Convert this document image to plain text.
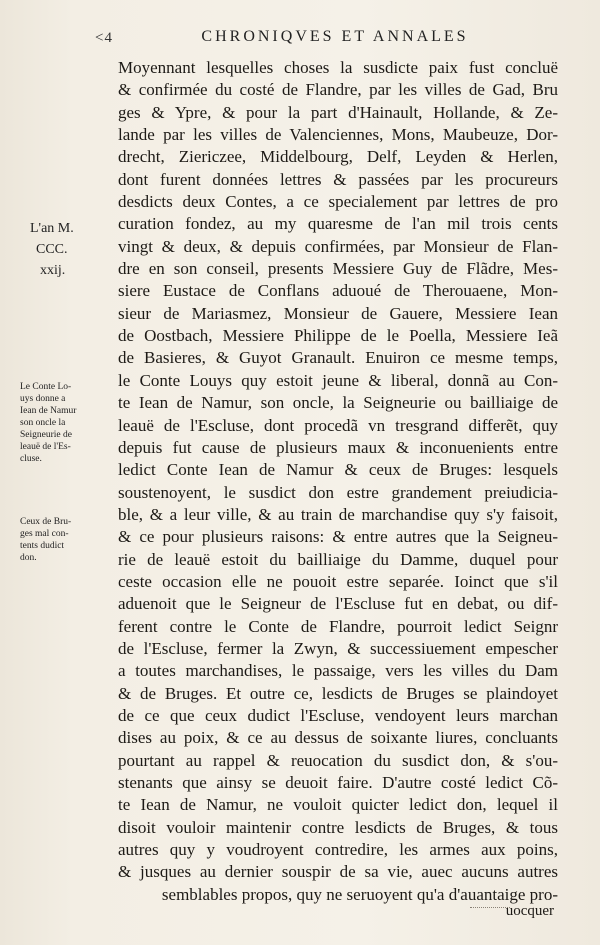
<4	CHRONIQVES ET ANNALES
L'an M.
CCC.
xxij.
Le Conte Lo-
uys donne a
Iean de Namur
son oncle la
Seigneurie de
leauë de l'Es-
cluse.
Ceux de Bru-
ges mal con-
tents dudict
don.
Moyennant lesquelles choses la susdicte paix fust concluë
& confirmée du costé de Flandre, par les villes de Gad, Bru
ges & Ypre, & pour la part d'Hainault, Hollande, & Ze-
lande par les villes de Valenciennes, Mons, Maubeuze, Dor-
drecht, Ziericzee, Middelbourg, Delf, Leyden & Herlen,
dont furent données lettres & passées par les procureurs
desdicts deux Contes, a ce specialement par lettres de pro
curation fondez, au my quaresme de l'an mil trois cents
vingt & deux, & depuis confirmées, par Monsieur de Flan-
dre en son conseil, presents Messiere Guy de Flãdre, Mes-
siere Eustace de Conflans aduoué de Therouaene, Mon-
sieur de Mariasmez, Monsieur de Gauere, Messiere Iean
de Oostbach, Messiere Philippe de le Poella, Messiere Ieã
de Basieres, & Guyot Granault. Enuiron ce mesme temps,
le Conte Louys quy estoit jeune & liberal, donnã au Con-
te Iean de Namur, son oncle, la Seigneurie ou bailliaige de
leauë de l'Escluse, dont procedã vn tresgrand differẽt, quy
depuis fut cause de plusieurs maux & inconuenients entre
ledict Conte Iean de Namur & ceux de Bruges: lesquels
soustenoyent, le susdict don estre grandement preiudicia-
ble, & a leur ville, & au train de marchandise quy s'y faisoit,
& ce pour plusieurs raisons: & entre autres que la Seigneu-
rie de leauë estoit du bailliaige du Damme, duquel pour
ceste occasion elle ne pouoit estre separée. Ioinct que s'il
aduenoit que le Seigneur de l'Escluse fut en debat, ou dif-
ferent contre le Conte de Flandre, pourroit ledict Seignr
de l'Escluse, fermer la Zwyn, & successiuement empescher
a toutes marchandises, le passaige, vers les villes du Dam
& de Bruges. Et outre ce, lesdicts de Bruges se plaindoyet
de ce que ceux dudict l'Escluse, vendoyent leurs marchan
dises au poix, & ce au dessus de soixante liures, concluants
pourtant au rappel & reuocation du susdict don, & s'ou-
stenants que ainsy se deuoit faire. D'autre costé ledict Cõ-
te Iean de Namur, ne vouloit quicter ledict don, lequel il
disoit vouloir maintenir contre lesdicts de Bruges, & tous
autres quy y voudroyent contredire, les armes aux poins,
& jusques au dernier souspir de sa vie, auec aucuns autres
semblables propos, quy ne seruoyent qu'a d'auantaige pro-
uocquer
